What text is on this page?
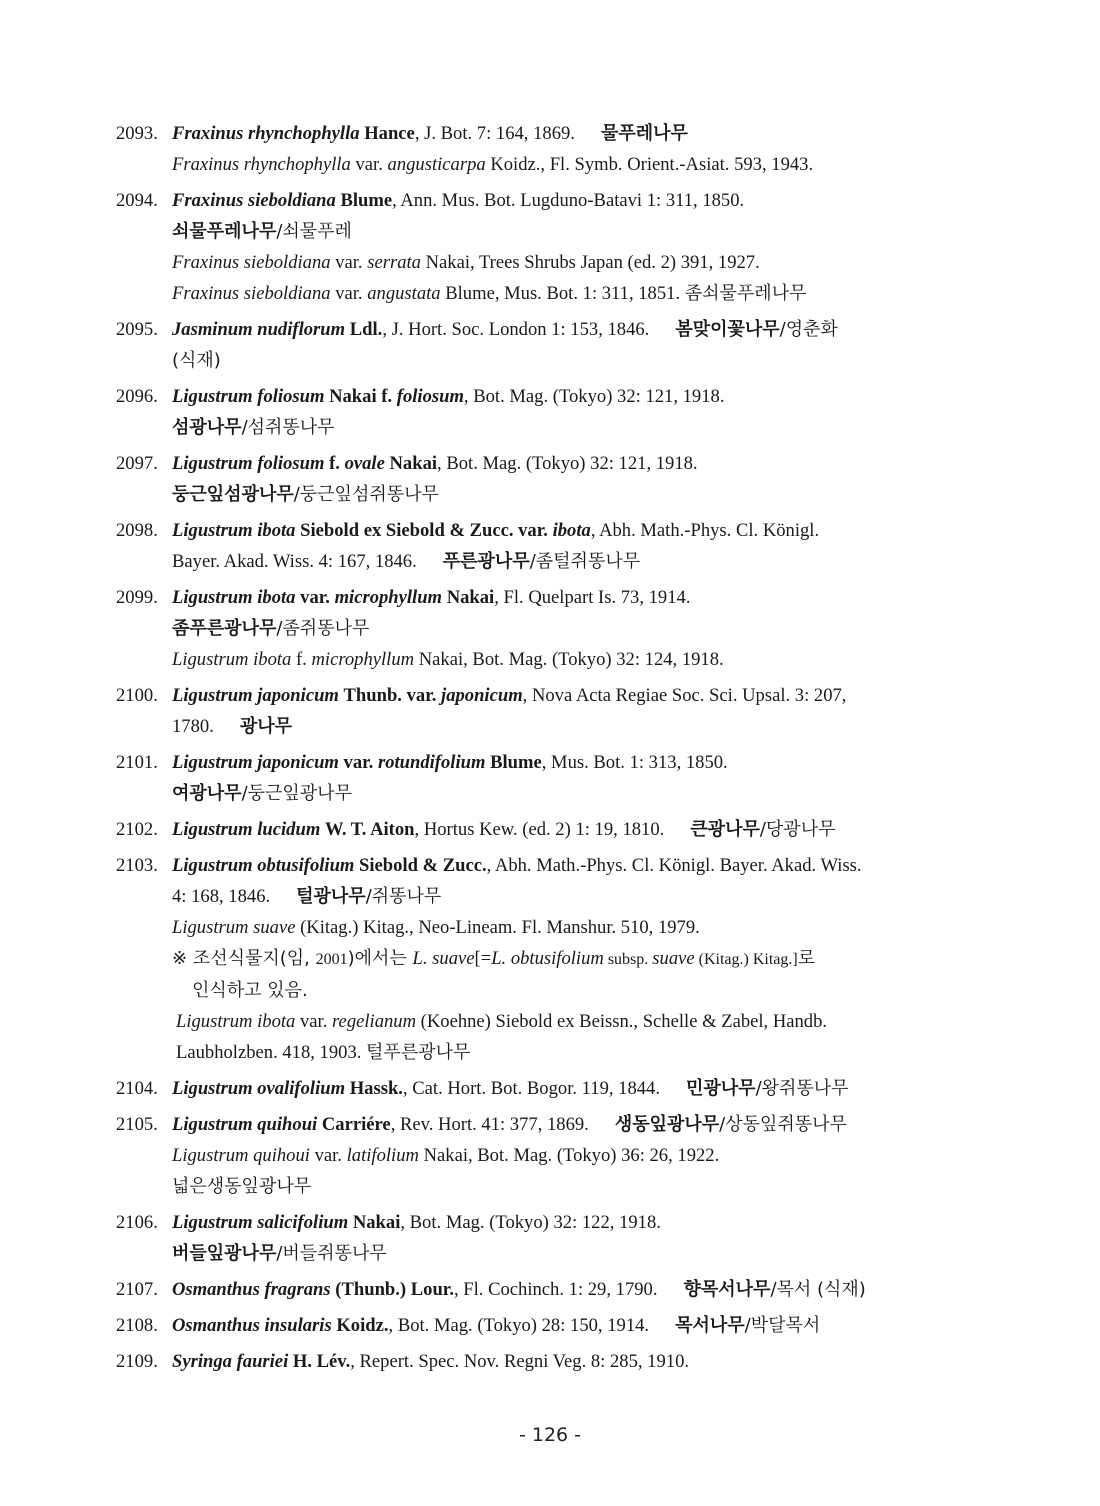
2093. Fraxinus rhynchophylla Hance, J. Bot. 7: 164, 1869. 물푸레나무
Fraxinus rhynchophylla var. angusticarpa Koidz., Fl. Symb. Orient.-Asiat. 593, 1943.
2094. Fraxinus sieboldiana Blume, Ann. Mus. Bot. Lugduno-Batavi 1: 311, 1850.
쇠물푸레나무/쇠물푸레
Fraxinus sieboldiana var. serrata Nakai, Trees Shrubs Japan (ed. 2) 391, 1927.
Fraxinus sieboldiana var. angustata Blume, Mus. Bot. 1: 311, 1851. 좀쇠물푸레나무
2095. Jasminum nudiflorum Ldl., J. Hort. Soc. London 1: 153, 1846. 봄맞이꽃나무/영춘화
(식재)
2096. Ligustrum foliosum Nakai f. foliosum, Bot. Mag. (Tokyo) 32: 121, 1918.
섬광나무/섬쥐똥나무
2097. Ligustrum foliosum f. ovale Nakai, Bot. Mag. (Tokyo) 32: 121, 1918.
둥근잎섬광나무/둥근잎섬쥐똥나무
2098. Ligustrum ibota Siebold ex Siebold & Zucc. var. ibota, Abh. Math.-Phys. Cl. Königl.
Bayer. Akad. Wiss. 4: 167, 1846. 푸른광나무/좀털쥐똥나무
2099. Ligustrum ibota var. microphyllum Nakai, Fl. Quelpart Is. 73, 1914.
좀푸른광나무/좀쥐똥나무
Ligustrum ibota f. microphyllum Nakai, Bot. Mag. (Tokyo) 32: 124, 1918.
2100. Ligustrum japonicum Thunb. var. japonicum, Nova Acta Regiae Soc. Sci. Upsal. 3: 207,
1780. 광나무
2101. Ligustrum japonicum var. rotundifolium Blume, Mus. Bot. 1: 313, 1850.
여광나무/둥근잎광나무
2102. Ligustrum lucidum W. T. Aiton, Hortus Kew. (ed. 2) 1: 19, 1810. 큰광나무/당광나무
2103. Ligustrum obtusifolium Siebold & Zucc., Abh. Math.-Phys. Cl. Königl. Bayer. Akad. Wiss.
4: 168, 1846. 털광나무/쥐똥나무
Ligustrum suave (Kitag.) Kitag., Neo-Lineam. Fl. Manshur. 510, 1979.
※ 조선식물지(임, 2001)에서는 L. suave[=L. obtusifolium subsp. suave (Kitag.) Kitag.]로
인식하고 있음.
Ligustrum ibota var. regelianum (Koehne) Siebold ex Beissn., Schelle & Zabel, Handb.
Laubholzben. 418, 1903. 털푸른광나무
2104. Ligustrum ovalifolium Hassk., Cat. Hort. Bot. Bogor. 119, 1844. 민광나무/왕쥐똥나무
2105. Ligustrum quihoui Carriére, Rev. Hort. 41: 377, 1869. 생동잎광나무/상동잎쥐똥나무
Ligustrum quihoui var. latifolium Nakai, Bot. Mag. (Tokyo) 36: 26, 1922.
넓은생동잎광나무
2106. Ligustrum salicifolium Nakai, Bot. Mag. (Tokyo) 32: 122, 1918.
버들잎광나무/버들쥐똥나무
2107. Osmanthus fragrans (Thunb.) Lour., Fl. Cochinch. 1: 29, 1790. 향목서나무/목서 (식재)
2108. Osmanthus insularis Koidz., Bot. Mag. (Tokyo) 28: 150, 1914. 목서나무/박달목서
2109. Syringa fauriei H. Lév., Repert. Spec. Nov. Regni Veg. 8: 285, 1910.
- 126 -
